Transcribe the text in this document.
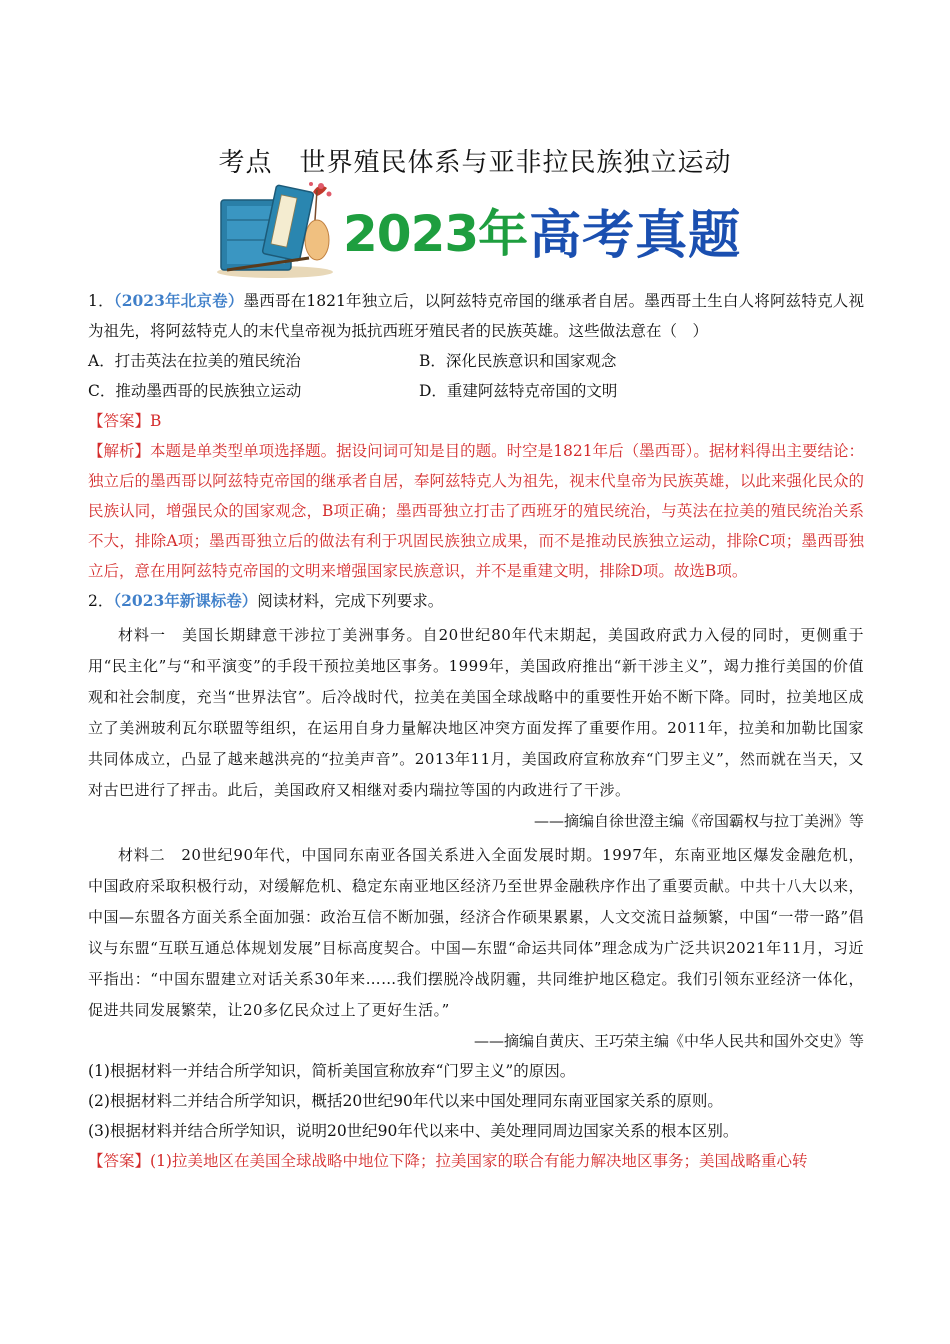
考点　世界殖民体系与亚非拉民族独立运动
2023年 高考真题

1．（2023年北京卷）墨西哥在1821年独立后，以阿兹特克帝国的继承者自居。墨西哥土生白人将阿兹特克人视为祖先，将阿兹特克人的末代皇帝视为抵抗西班牙殖民者的民族英雄。这些做法意在（　）

A．打击英法在拉美的殖民统治	B．深化民族意识和国家观念
C．推动墨西哥的民族独立运动	D．重建阿兹特克帝国的文明

【答案】B

【解析】本题是单类型单项选择题。据设问词可知是目的题。时空是1821年后（墨西哥）。据材料得出主要结论：独立后的墨西哥以阿兹特克帝国的继承者自居，奉阿兹特克人为祖先，视末代皇帝为民族英雄，以此来强化民众的民族认同，增强民众的国家观念，B项正确；墨西哥独立打击了西班牙的殖民统治，与英法在拉美的殖民统治关系不大，排除A项；墨西哥独立后的做法有利于巩固民族独立成果，而不是推动民族独立运动，排除C项；墨西哥独立后，意在用阿兹特克帝国的文明来增强国家民族意识，并不是重建文明，排除D项。故选B项。

2．（2023年新课标卷）阅读材料，完成下列要求。

材料一　美国长期肆意干涉拉丁美洲事务。自20世纪80年代末期起，美国政府武力入侵的同时，更侧重于用“民主化”与“和平演变”的手段干预拉美地区事务。1999年，美国政府推出“新干涉主义”，竭力推行美国的价值观和社会制度，充当“世界法官”。后冷战时代，拉美在美国全球战略中的重要性开始不断下降。同时，拉美地区成立了美洲玻利瓦尔联盟等组织，在运用自身力量解决地区冲突方面发挥了重要作用。2011年，拉美和加勒比国家共同体成立，凸显了越来越洪亮的“拉美声音”。2013年11月，美国政府宣称放弃“门罗主义”，然而就在当天，又对古巴进行了抨击。此后，美国政府又相继对委内瑞拉等国的内政进行了干涉。

——摘编自徐世澄主编《帝国霸权与拉丁美洲》等

材料二　20世纪90年代，中国同东南亚各国关系进入全面发展时期。1997年，东南亚地区爆发金融危机，中国政府采取积极行动，对缓解危机、稳定东南亚地区经济乃至世界金融秩序作出了重要贡献。中共十八大以来，中国—东盟各方面关系全面加强：政治互信不断加强，经济合作硕果累累，人文交流日益频繁，中国“一带一路”倡议与东盟“互联互通总体规划发展”目标高度契合。中国—东盟“命运共同体”理念成为广泛共识2021年11月，习近平指出：“中国东盟建立对话关系30年来……我们摆脱冷战阴霾，共同维护地区稳定。我们引领东亚经济一体化，促进共同发展繁荣，让20多亿民众过上了更好生活。”

——摘编自黄庆、王巧荣主编《中华人民共和国外交史》等

(1)根据材料一并结合所学知识，简析美国宣称放弃“门罗主义”的原因。

(2)根据材料二并结合所学知识，概括20世纪90年代以来中国处理同东南亚国家关系的原则。

(3)根据材料并结合所学知识，说明20世纪90年代以来中、美处理同周边国家关系的根本区别。

【答案】(1)拉美地区在美国全球战略中地位下降；拉美国家的联合有能力解决地区事务；美国战略重心转
